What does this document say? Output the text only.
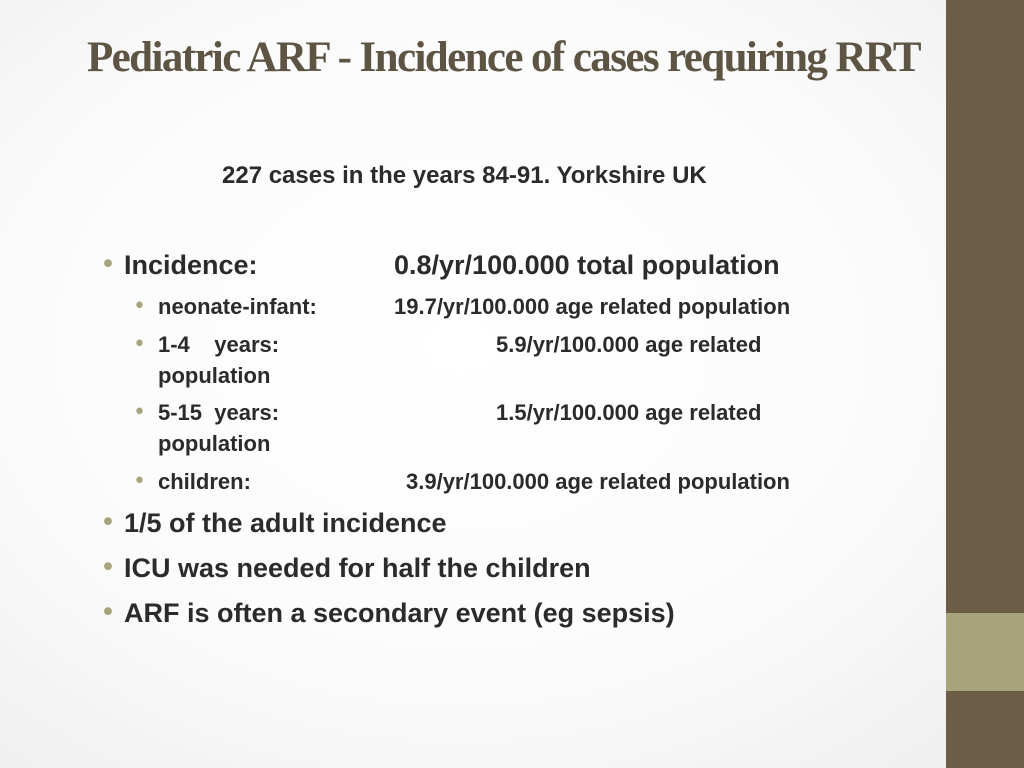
Pediatric ARF - Incidence of cases requiring RRT
227 cases in the years 84-91. Yorkshire UK
• Incidence:	0.8/yr/100.000 total population
• neonate-infant:	19.7/yr/100.000 age related population
• 1-4    years:	5.9/yr/100.000 age related
population
• 5-15  years:	1.5/yr/100.000 age related
population
• children:	3.9/yr/100.000 age related population
• 1/5 of the adult incidence
• ICU was needed for half the children
• ARF is often a secondary event (eg sepsis)
